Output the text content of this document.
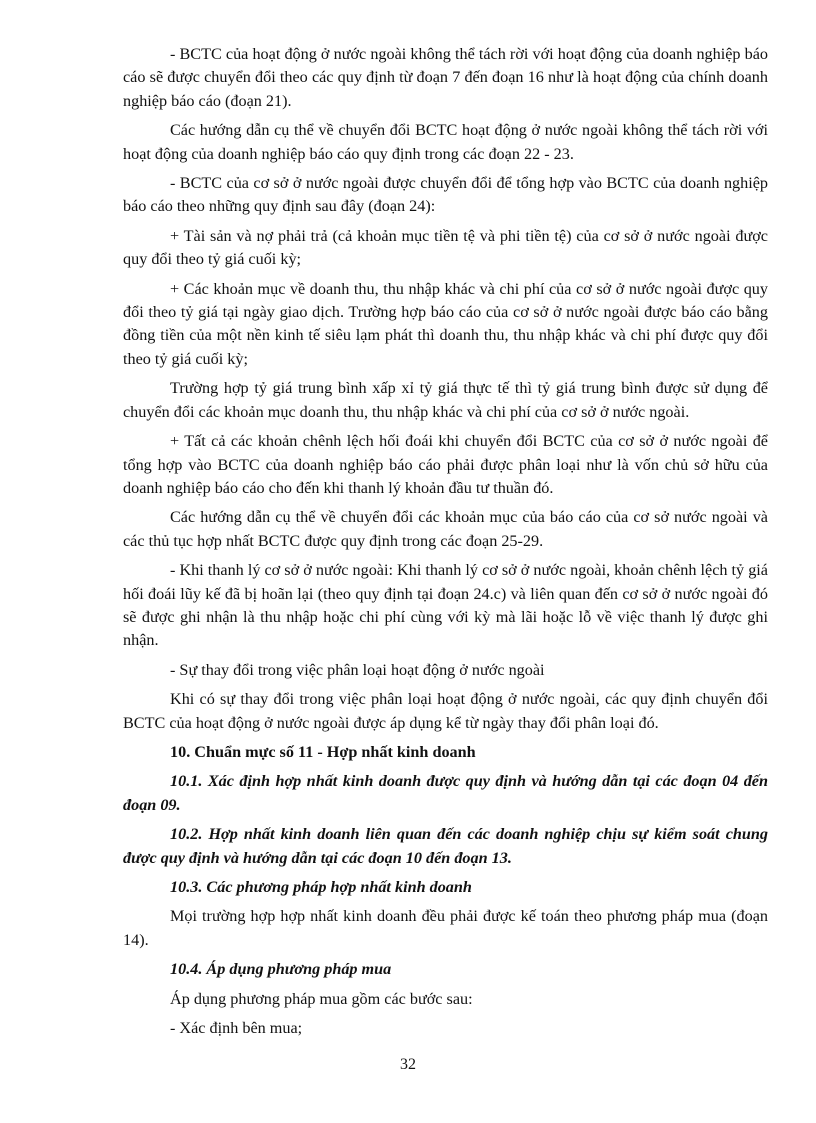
- BCTC của hoạt động ở nước ngoài không thể tách rời với hoạt động của doanh nghiệp báo cáo sẽ được chuyển đổi theo các quy định từ đoạn 7 đến đoạn 16 như là hoạt động của chính doanh nghiệp báo cáo (đoạn 21).

Các hướng dẫn cụ thể về chuyển đổi BCTC hoạt động ở nước ngoài không thể tách rời với hoạt động của doanh nghiệp báo cáo quy định trong các đoạn 22 - 23.

- BCTC của cơ sở ở nước ngoài được chuyển đổi để tổng hợp vào BCTC của doanh nghiệp báo cáo theo những quy định sau đây (đoạn 24):

+ Tài sản và nợ phải trả (cả khoản mục tiền tệ và phi tiền tệ) của cơ sở ở nước ngoài được quy đổi theo tỷ giá cuối kỳ;

+ Các khoản mục về doanh thu, thu nhập khác và chi phí của cơ sở ở nước ngoài được quy đổi theo tỷ giá tại ngày giao dịch. Trường hợp báo cáo của cơ sở ở nước ngoài được báo cáo bằng đồng tiền của một nền kinh tế siêu lạm phát thì doanh thu, thu nhập khác và chi phí được quy đổi theo tỷ giá cuối kỳ;

Trường hợp tỷ giá trung bình xấp xỉ tỷ giá thực tế thì tỷ giá trung bình được sử dụng để chuyển đổi các khoản mục doanh thu, thu nhập khác và chi phí của cơ sở ở nước ngoài.

+ Tất cả các khoản chênh lệch hối đoái khi chuyển đổi BCTC của cơ sở ở nước ngoài để tổng hợp vào BCTC của doanh nghiệp báo cáo phải được phân loại như là vốn chủ sở hữu của doanh nghiệp báo cáo cho đến khi thanh lý khoản đầu tư thuần đó.

Các hướng dẫn cụ thể về chuyển đổi các khoản mục của báo cáo của cơ sở nước ngoài và các thủ tục hợp nhất BCTC được quy định trong các đoạn 25-29.

- Khi thanh lý cơ sở ở nước ngoài: Khi thanh lý cơ sở ở nước ngoài, khoản chênh lệch tỷ giá hối đoái lũy kế đã bị hoãn lại (theo quy định tại đoạn 24.c) và liên quan đến cơ sở ở nước ngoài đó sẽ được ghi nhận là thu nhập hoặc chi phí cùng với kỳ mà lãi hoặc lỗ về việc thanh lý được ghi nhận.

- Sự thay đổi trong việc phân loại hoạt động ở nước ngoài

Khi có sự thay đổi trong việc phân loại hoạt động ở nước ngoài, các quy định chuyển đổi BCTC của hoạt động ở nước ngoài được áp dụng kể từ ngày thay đổi phân loại đó.

10. Chuẩn mực số 11 - Hợp nhất kinh doanh

10.1. Xác định hợp nhất kinh doanh được quy định và hướng dẫn tại các đoạn 04 đến đoạn 09.

10.2. Hợp nhất kinh doanh liên quan đến các doanh nghiệp chịu sự kiểm soát chung được quy định và hướng dẫn tại các đoạn 10 đến đoạn 13.

10.3. Các phương pháp hợp nhất kinh doanh

Mọi trường hợp hợp nhất kinh doanh đều phải được kế toán theo phương pháp mua (đoạn 14).

10.4. Áp dụng phương pháp mua

Áp dụng phương pháp mua gồm các bước sau:

- Xác định bên mua;

32
